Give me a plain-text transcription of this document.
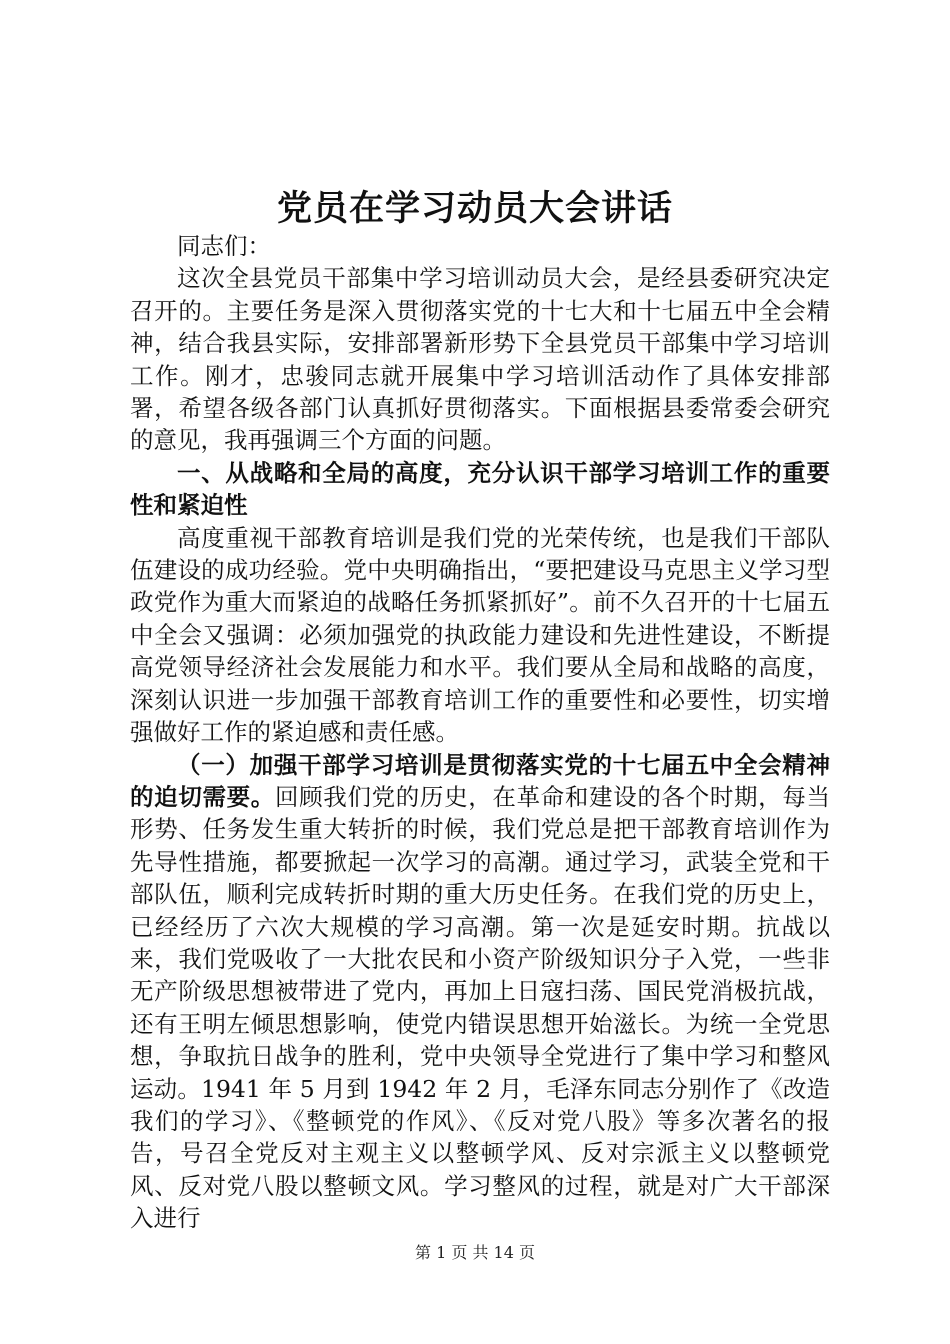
党员在学习动员大会讲话

同志们：

这次全县党员干部集中学习培训动员大会，是经县委研究决定召开的。主要任务是深入贯彻落实党的十七大和十七届五中全会精神，结合我县实际，安排部署新形势下全县党员干部集中学习培训工作。刚才，忠骏同志就开展集中学习培训活动作了具体安排部署，希望各级各部门认真抓好贯彻落实。下面根据县委常委会研究的意见，我再强调三个方面的问题。

一、从战略和全局的高度，充分认识干部学习培训工作的重要性和紧迫性

高度重视干部教育培训是我们党的光荣传统，也是我们干部队伍建设的成功经验。党中央明确指出，“要把建设马克思主义学习型政党作为重大而紧迫的战略任务抓紧抓好”。前不久召开的十七届五中全会又强调：必须加强党的执政能力建设和先进性建设，不断提高党领导经济社会发展能力和水平。我们要从全局和战略的高度，深刻认识进一步加强干部教育培训工作的重要性和必要性，切实增强做好工作的紧迫感和责任感。

（一）加强干部学习培训是贯彻落实党的十七届五中全会精神的迫切需要。回顾我们党的历史，在革命和建设的各个时期，每当形势、任务发生重大转折的时候，我们党总是把干部教育培训作为先导性措施，都要掀起一次学习的高潮。通过学习，武装全党和干部队伍，顺利完成转折时期的重大历史任务。在我们党的历史上，已经经历了六次大规模的学习高潮。第一次是延安时期。抗战以来，我们党吸收了一大批农民和小资产阶级知识分子入党，一些非无产阶级思想被带进了党内，再加上日寇扫荡、国民党消极抗战，还有王明左倾思想影响，使党内错误思想开始滋长。为统一全党思想，争取抗日战争的胜利，党中央领导全党进行了集中学习和整风运动。1941 年 5 月到 1942 年 2 月，毛泽东同志分别作了《改造我们的学习》、《整顿党的作风》、《反对党八股》等多次著名的报告，号召全党反对主观主义以整顿学风、反对宗派主义以整顿党风、反对党八股以整顿文风。学习整风的过程，就是对广大干部深入进行

第 1 页 共 14 页
